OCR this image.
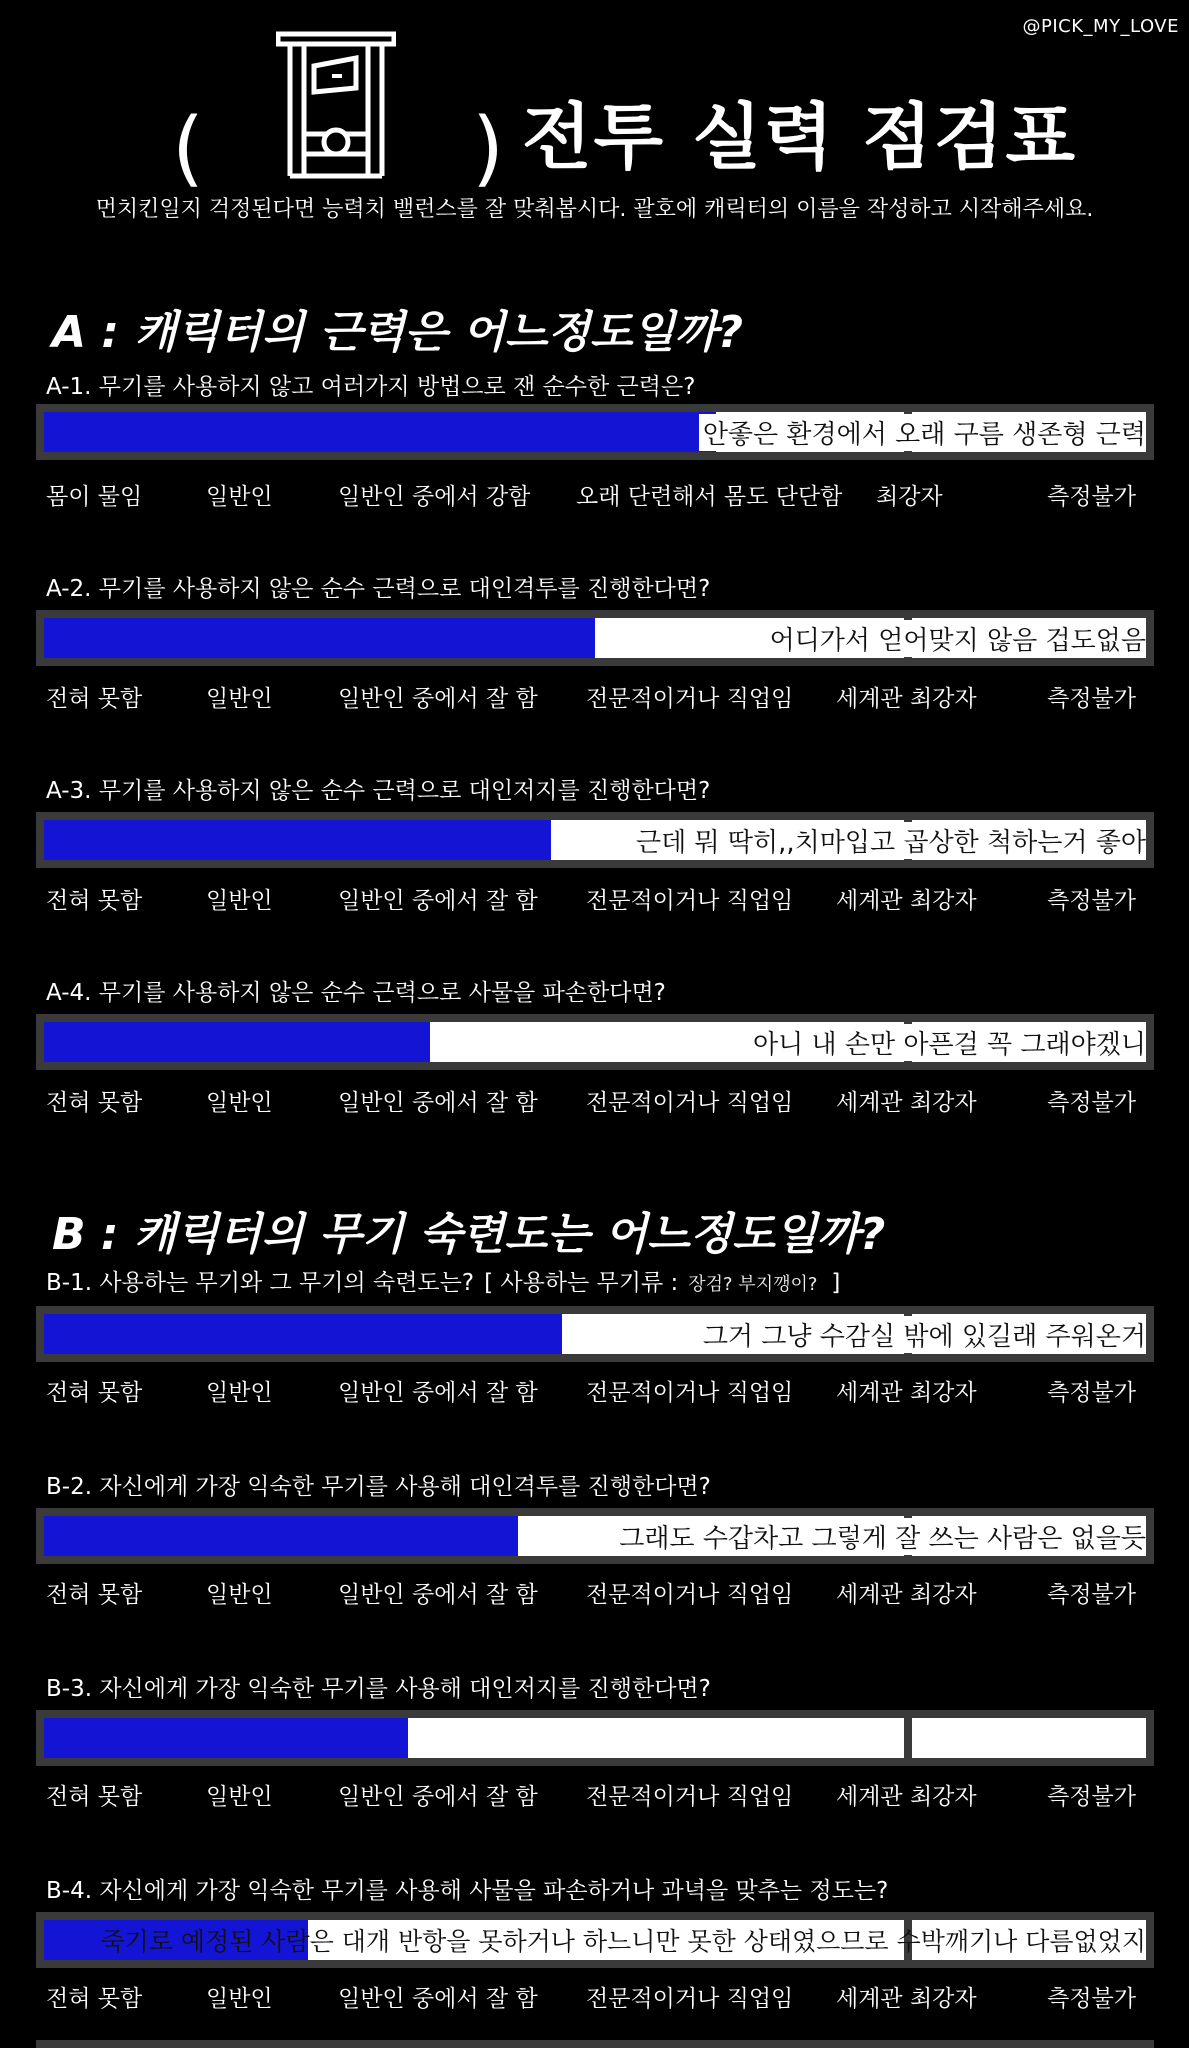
@PICK_MY_LOVE
(	) 전투 실력 점검표
먼치킨일지 걱정된다면 능력치 밸런스를 잘 맞춰봅시다. 괄호에 캐릭터의 이름을 작성하고 시작해주세요.
A : 캐릭터의 근력은 어느정도일까?
A-1. 무기를 사용하지 않고 여러가지 방법으로 잰 순수한 근력은?
안좋은 환경에서 오래 구름 생존형 근력
몸이 물임	일반인	일반인 중에서 강함 오래 단련해서 몸도 단단함 최강자	측정불가
A-2. 무기를 사용하지 않은 순수 근력으로 대인격투를 진행한다면?
어디가서 얻어맞지 않음 겁도없음
전혀 못함	일반인	일반인 중에서 잘 함 전문적이거나 직업임 세계관 최강자	측정불가
A-3. 무기를 사용하지 않은 순수 근력으로 대인저지를 진행한다면?
근데 뭐 딱히,,치마입고 곱상한 척하는거 좋아
전혀 못함	일반인	일반인 중에서 잘 함 전문적이거나 직업임 세계관 최강자	측정불가
A-4. 무기를 사용하지 않은 순수 근력으로 사물을 파손한다면?
아니 내 손만 아픈걸 꼭 그래야겠니
전혀 못함	일반인	일반인 중에서 잘 함 전문적이거나 직업임 세계관 최강자	측정불가
B : 캐릭터의 무기 숙련도는 어느정도일까?
B-1. 사용하는 무기와 그 무기의 숙련도는? [ 사용하는 무기류 : 장검? 부지깽이? ]
그거 그냥 수감실 밖에 있길래 주워온거
전혀 못함	일반인	일반인 중에서 잘 함 전문적이거나 직업임 세계관 최강자	측정불가
B-2. 자신에게 가장 익숙한 무기를 사용해 대인격투를 진행한다면?
그래도 수갑차고 그렇게 잘 쓰는 사람은 없을듯
전혀 못함	일반인	일반인 중에서 잘 함 전문적이거나 직업임 세계관 최강자	측정불가
B-3. 자신에게 가장 익숙한 무기를 사용해 대인저지를 진행한다면?
전혀 못함	일반인	일반인 중에서 잘 함 전문적이거나 직업임 세계관 최강자	측정불가
B-4. 자신에게 가장 익숙한 무기를 사용해 사물을 파손하거나 과녁을 맞추는 정도는?
죽기로 예정된 사람은 대개 반항을 못하거나 하느니만 못한 상태였으므로 수박깨기나 다름없었지
전혀 못함	일반인	일반인 중에서 잘 함 전문적이거나 직업임 세계관 최강자	측정불가
